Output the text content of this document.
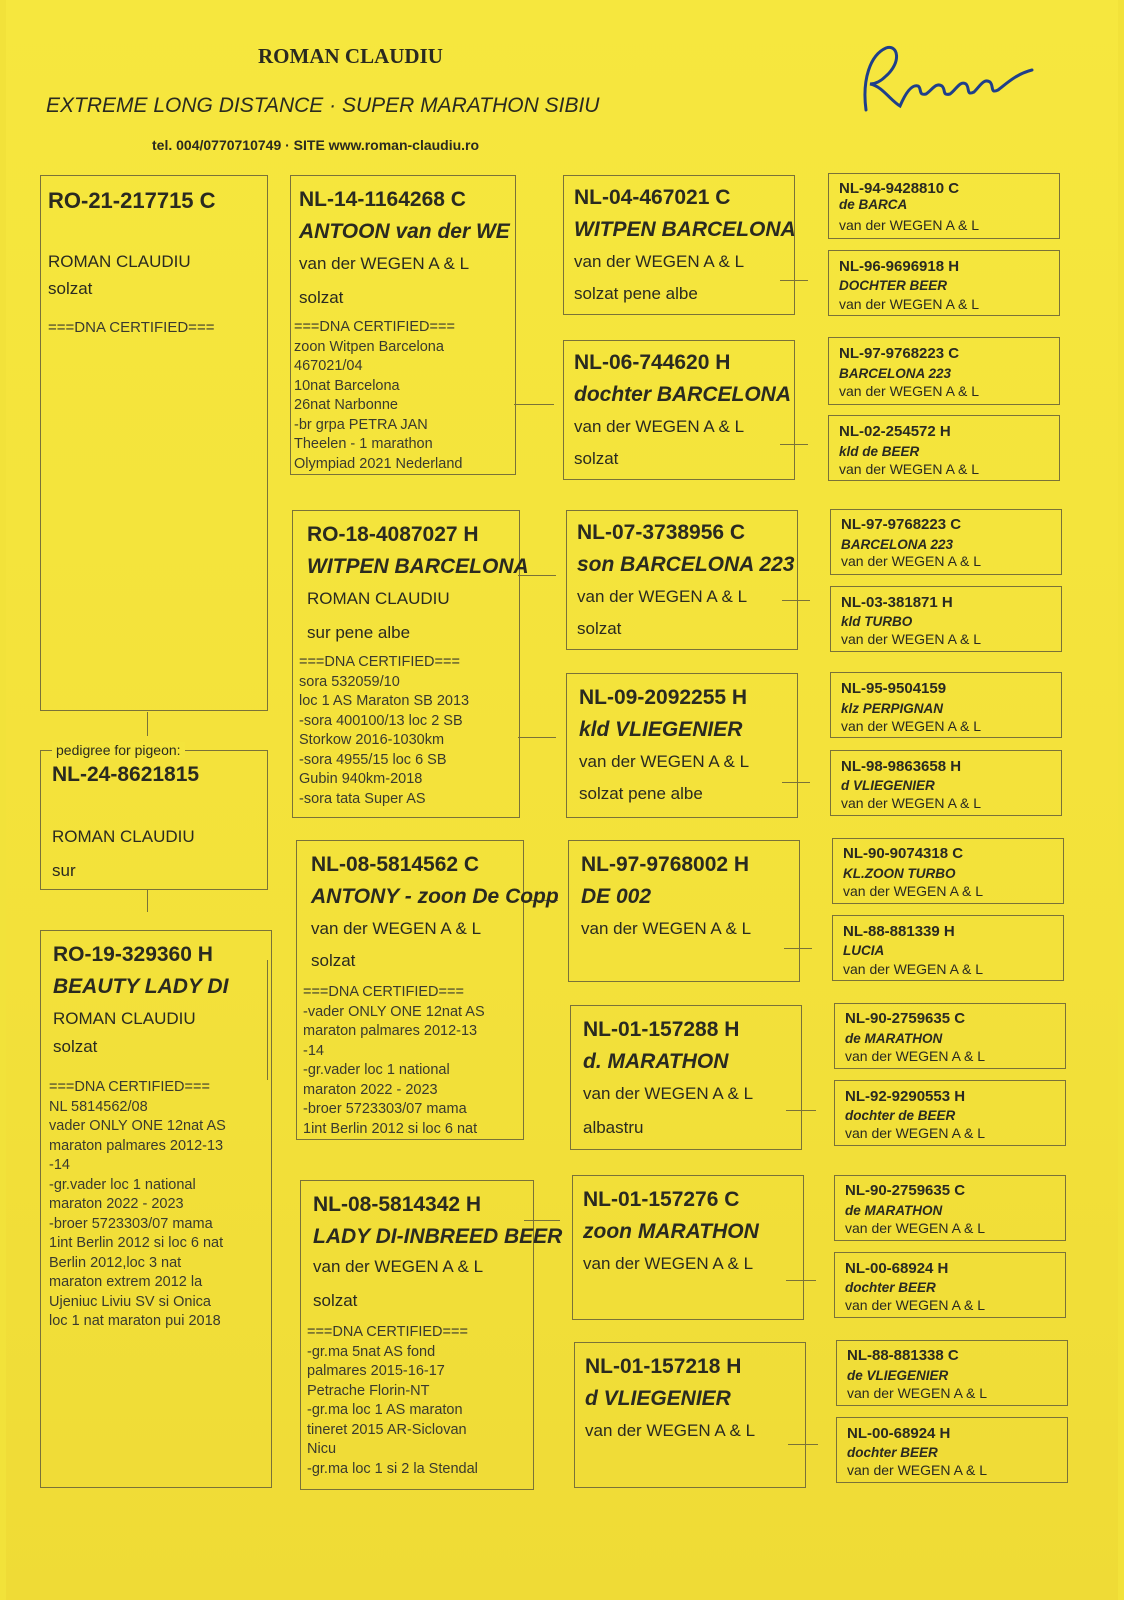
ROMAN CLAUDIU
EXTREME LONG DISTANCE · SUPER MARATHON SIBIU
tel. 004/0770710749 · SITE www.roman-claudiu.ro
RO-21-217715 C
ROMAN CLAUDIU
solzat
===DNA CERTIFIED===
NL-24-8621815
ROMAN CLAUDIU
sur
pedigree for pigeon:
RO-19-329360 H
BEAUTY LADY DI
ROMAN CLAUDIU
solzat
===DNA CERTIFIED===
NL 5814562/08
vader ONLY ONE 12nat AS
maraton palmares 2012-13
-14
-gr.vader loc 1 national
maraton 2022 - 2023
-broer 5723303/07 mama
1int Berlin 2012 si loc 6 nat
Berlin 2012,loc 3 nat
maraton extrem 2012 la
Ujeniuc Liviu SV si Onica
loc 1 nat maraton pui 2018
NL-14-1164268 C
ANTOON van der WE
van der WEGEN A & L
solzat
===DNA CERTIFIED===
zoon Witpen Barcelona
467021/04
10nat Barcelona
26nat Narbonne
-br grpa PETRA JAN
Theelen - 1 marathon
Olympiad 2021 Nederland
RO-18-4087027 H
WITPEN BARCELONA
ROMAN CLAUDIU
sur pene albe
===DNA CERTIFIED===
sora 532059/10
loc 1 AS Maraton SB 2013
-sora 400100/13 loc 2 SB
Storkow 2016-1030km
-sora 4955/15 loc 6 SB
Gubin 940km-2018
-sora tata Super AS
NL-08-5814562 C
ANTONY - zoon De Copp
van der WEGEN A & L
solzat
===DNA CERTIFIED===
-vader ONLY ONE 12nat AS
maraton palmares 2012-13
-14
-gr.vader loc 1 national
maraton 2022 - 2023
-broer 5723303/07 mama
1int Berlin 2012 si loc 6 nat
NL-08-5814342 H
LADY DI-INBREED BEER
van der WEGEN A & L
solzat
===DNA CERTIFIED===
-gr.ma 5nat AS fond
palmares 2015-16-17
Petrache Florin-NT
-gr.ma loc 1 AS maraton
tineret 2015 AR-Siclovan
Nicu
-gr.ma loc 1 si 2 la Stendal
NL-04-467021 C
WITPEN BARCELONA
van der WEGEN A & L
solzat pene albe
NL-06-744620 H
dochter BARCELONA
van der WEGEN A & L
solzat
NL-07-3738956 C
son BARCELONA 223
van der WEGEN A & L
solzat
NL-09-2092255 H
kld VLIEGENIER
van der WEGEN A & L
solzat pene albe
NL-97-9768002 H
DE 002
van der WEGEN A & L
NL-01-157288 H
d. MARATHON
van der WEGEN A & L
albastru
NL-01-157276 C
zoon MARATHON
van der WEGEN A & L
NL-01-157218 H
d VLIEGENIER
van der WEGEN A & L
NL-94-9428810 C
de BARCA
van der WEGEN A & L
NL-96-9696918 H
DOCHTER BEER
van der WEGEN A & L
NL-97-9768223 C
BARCELONA 223
van der WEGEN A & L
NL-02-254572 H
kld de BEER
van der WEGEN A & L
NL-97-9768223 C
BARCELONA 223
van der WEGEN A & L
NL-03-381871 H
kld TURBO
van der WEGEN A & L
NL-95-9504159
klz PERPIGNAN
van der WEGEN A & L
NL-98-9863658 H
d VLIEGENIER
van der WEGEN A & L
NL-90-9074318 C
KL.ZOON TURBO
van der WEGEN A & L
NL-88-881339 H
LUCIA
van der WEGEN A & L
NL-90-2759635 C
de MARATHON
van der WEGEN A & L
NL-92-9290553 H
dochter de BEER
van der WEGEN A & L
NL-90-2759635 C
de MARATHON
van der WEGEN A & L
NL-00-68924 H
dochter BEER
van der WEGEN A & L
NL-88-881338 C
de VLIEGENIER
van der WEGEN A & L
NL-00-68924 H
dochter BEER
van der WEGEN A & L
